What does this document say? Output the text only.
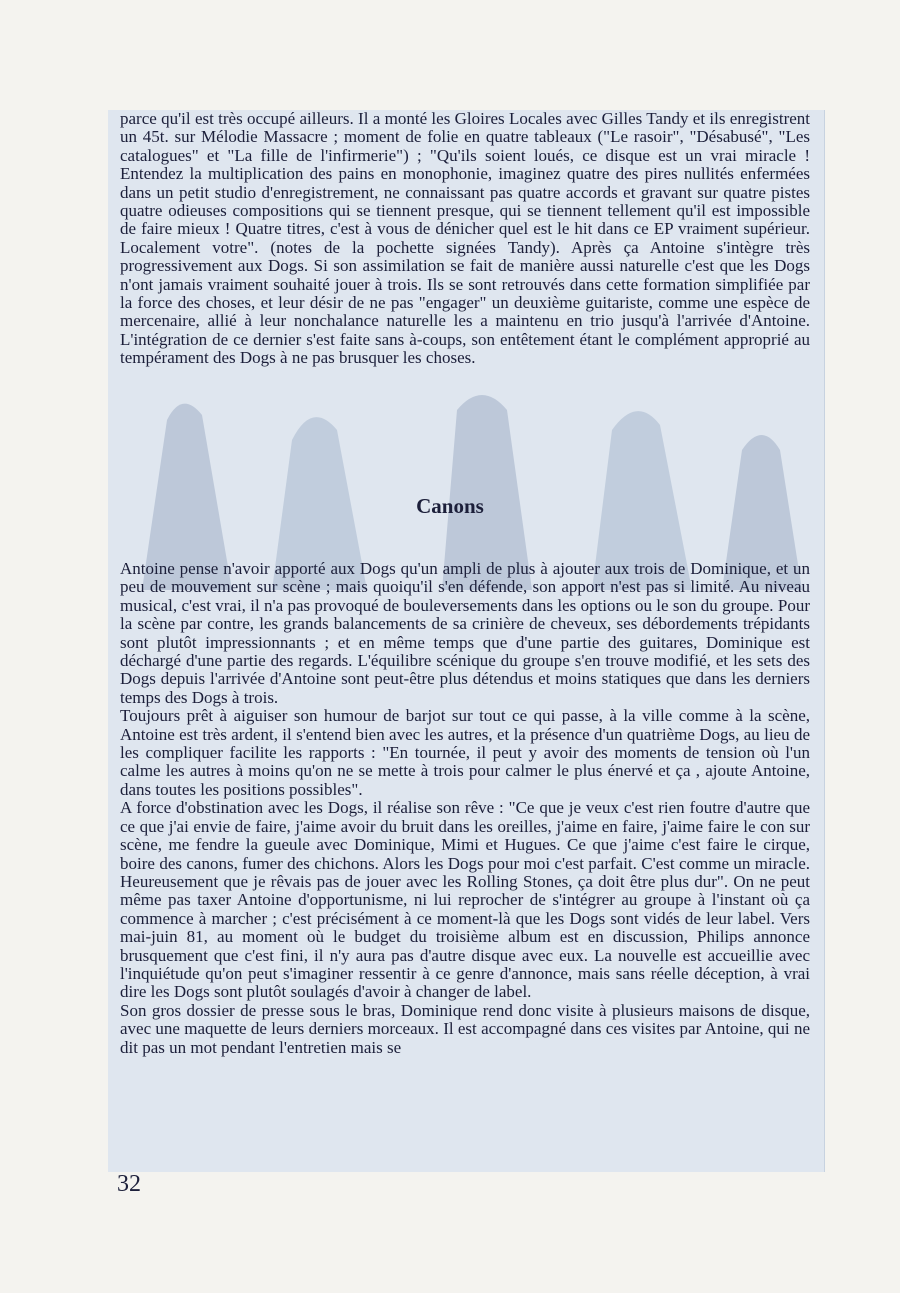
parce qu'il est très occupé ailleurs. Il a monté les Gloires Locales avec Gilles Tandy et ils enregistrent un 45t. sur Mélodie Massacre ; moment de folie en quatre tableaux ("Le rasoir", "Désabusé", "Les catalogues" et "La fille de l'infirmerie") ; "Qu'ils soient loués, ce disque est un vrai miracle ! Entendez la multiplication des pains en monophonie, imaginez quatre des pires nullités enfermées dans un petit studio d'enregistrement, ne connaissant pas quatre accords et gravant sur quatre pistes quatre odieuses compositions qui se tiennent presque, qui se tiennent tellement qu'il est impossible de faire mieux ! Quatre titres, c'est à vous de dénicher quel est le hit dans ce EP vraiment supérieur. Localement votre". (notes de la pochette signées Tandy). Après ça Antoine s'intègre très progressivement aux Dogs. Si son assimilation se fait de manière aussi naturelle c'est que les Dogs n'ont jamais vraiment souhaité jouer à trois. Ils se sont retrouvés dans cette formation simplifiée par la force des choses, et leur désir de ne pas "engager" un deuxième guitariste, comme une espèce de mercenaire, allié à leur nonchalance naturelle les a maintenu en trio jusqu'à l'arrivée d'Antoine. L'intégration de ce dernier s'est faite sans à-coups, son entêtement étant le complément approprié au tempérament des Dogs à ne pas brusquer les choses.

Canons

Antoine pense n'avoir apporté aux Dogs qu'un ampli de plus à ajouter aux trois de Dominique, et un peu de mouvement sur scène ; mais quoiqu'il s'en défende, son apport n'est pas si limité. Au niveau musical, c'est vrai, il n'a pas provoqué de bouleversements dans les options ou le son du groupe. Pour la scène par contre, les grands balancements de sa crinière de cheveux, ses débordements trépidants sont plutôt impressionnants ; et en même temps que d'une partie des guitares, Dominique est déchargé d'une partie des regards. L'équilibre scénique du groupe s'en trouve modifié, et les sets des Dogs depuis l'arrivée d'Antoine sont peut-être plus détendus et moins statiques que dans les derniers temps des Dogs à trois.

Toujours prêt à aiguiser son humour de barjot sur tout ce qui passe, à la ville comme à la scène, Antoine est très ardent, il s'entend bien avec les autres, et la présence d'un quatrième Dogs, au lieu de les compliquer facilite les rapports : "En tournée, il peut y avoir des moments de tension où l'un calme les autres à moins qu'on ne se mette à trois pour calmer le plus énervé et ça , ajoute Antoine, dans toutes les positions possibles".

A force d'obstination avec les Dogs, il réalise son rêve : "Ce que je veux c'est rien foutre d'autre que ce que j'ai envie de faire, j'aime avoir du bruit dans les oreilles, j'aime en faire, j'aime faire le con sur scène, me fendre la gueule avec Dominique, Mimi et Hugues. Ce que j'aime c'est faire le cirque, boire des canons, fumer des chichons. Alors les Dogs pour moi c'est parfait. C'est comme un miracle. Heureusement que je rêvais pas de jouer avec les Rolling Stones, ça doit être plus dur". On ne peut même pas taxer Antoine d'opportunisme, ni lui reprocher de s'intégrer au groupe à l'instant où ça commence à marcher ; c'est précisément à ce moment-là que les Dogs sont vidés de leur label. Vers mai-juin 81, au moment où le budget du troisième album est en discussion, Philips annonce brusquement que c'est fini, il n'y aura pas d'autre disque avec eux. La nouvelle est accueillie avec l'inquiétude qu'on peut s'imaginer ressentir à ce genre d'annonce, mais sans réelle déception, à vrai dire les Dogs sont plutôt soulagés d'avoir à changer de label.

Son gros dossier de presse sous le bras, Dominique rend donc visite à plusieurs maisons de disque, avec une maquette de leurs derniers morceaux. Il est accompagné dans ces visites par Antoine, qui ne dit pas un mot pendant l'entretien mais se

32
